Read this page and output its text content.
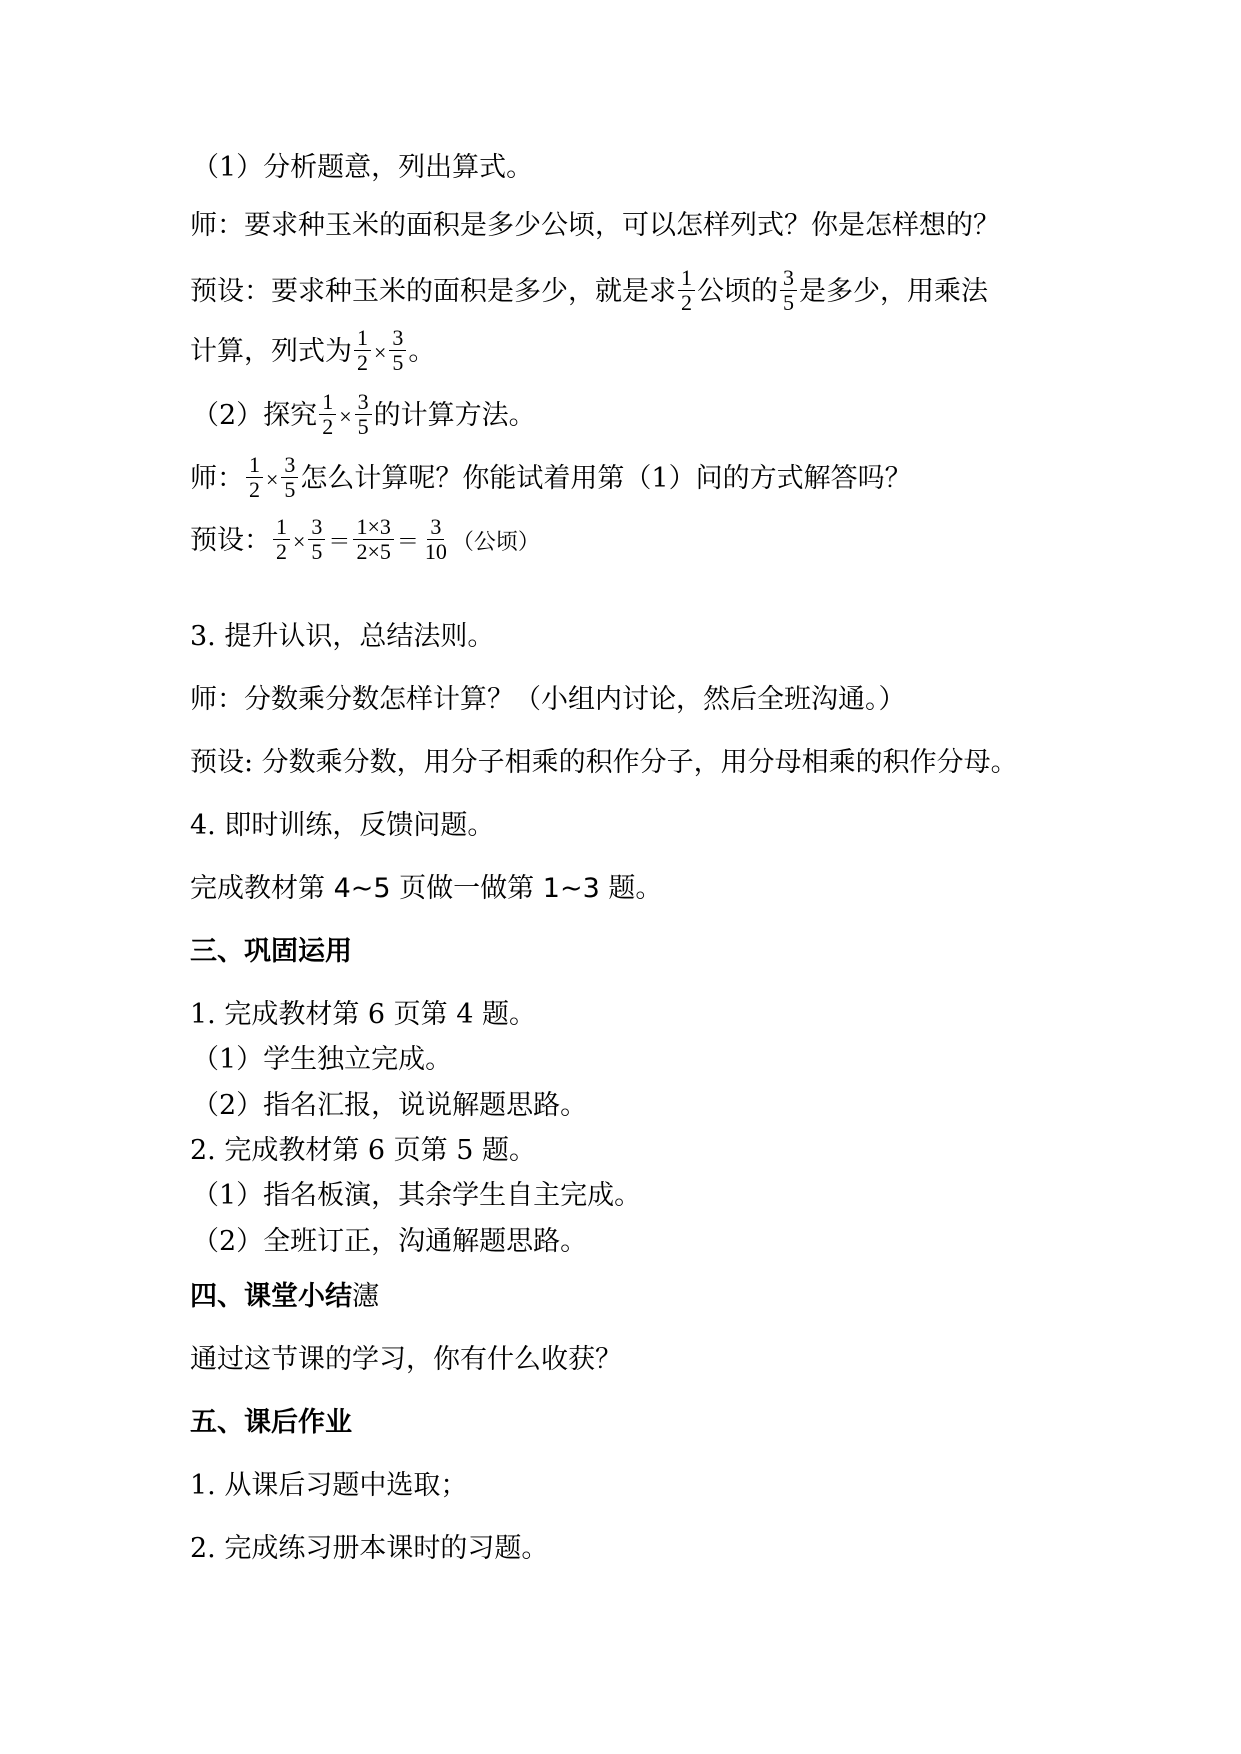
（1）分析题意，列出算式。

师：要求种玉米的面积是多少公顷，可以怎样列式？你是怎样想的？

预设：要求种玉米的面积是多少，就是求 $\frac{1}{2}$ 公顷的 $\frac{3}{5}$ 是多少，用乘法

计算，列式为 $\frac{1}{2} \times \frac{3}{5}$ 。

（2）探究 $\frac{1}{2} \times \frac{3}{5}$ 的计算方法。

师： $\frac{1}{2} \times \frac{3}{5}$ 怎么计算呢？你能试着用第（1）问的方式解答吗？

预设： $\frac{1}{2} \times \frac{3}{5} = \frac{1\times 3}{2\times 5} = \frac{3}{10}$ （公顷）

3. 提升认识，总结法则。

师：分数乘分数怎样计算？（小组内讨论，然后全班沟通。）

预设: 分数乘分数，用分子相乘的积作分子，用分母相乘的积作分母。

4. 即时训练，反馈问题。

完成教材第 4~5 页做一做第 1~3 题。

三、巩固运用

1. 完成教材第 6 页第 4 题。

（1）学生独立完成。

（2）指名汇报，说说解题思路。

2. 完成教材第 6 页第 5 题。

（1）指名板演，其余学生自主完成。

（2）全班订正，沟通解题思路。

四、课堂小结瀗

通过这节课的学习，你有什么收获？

五、课后作业

1. 从课后习题中选取；

2. 完成练习册本课时的习题。
